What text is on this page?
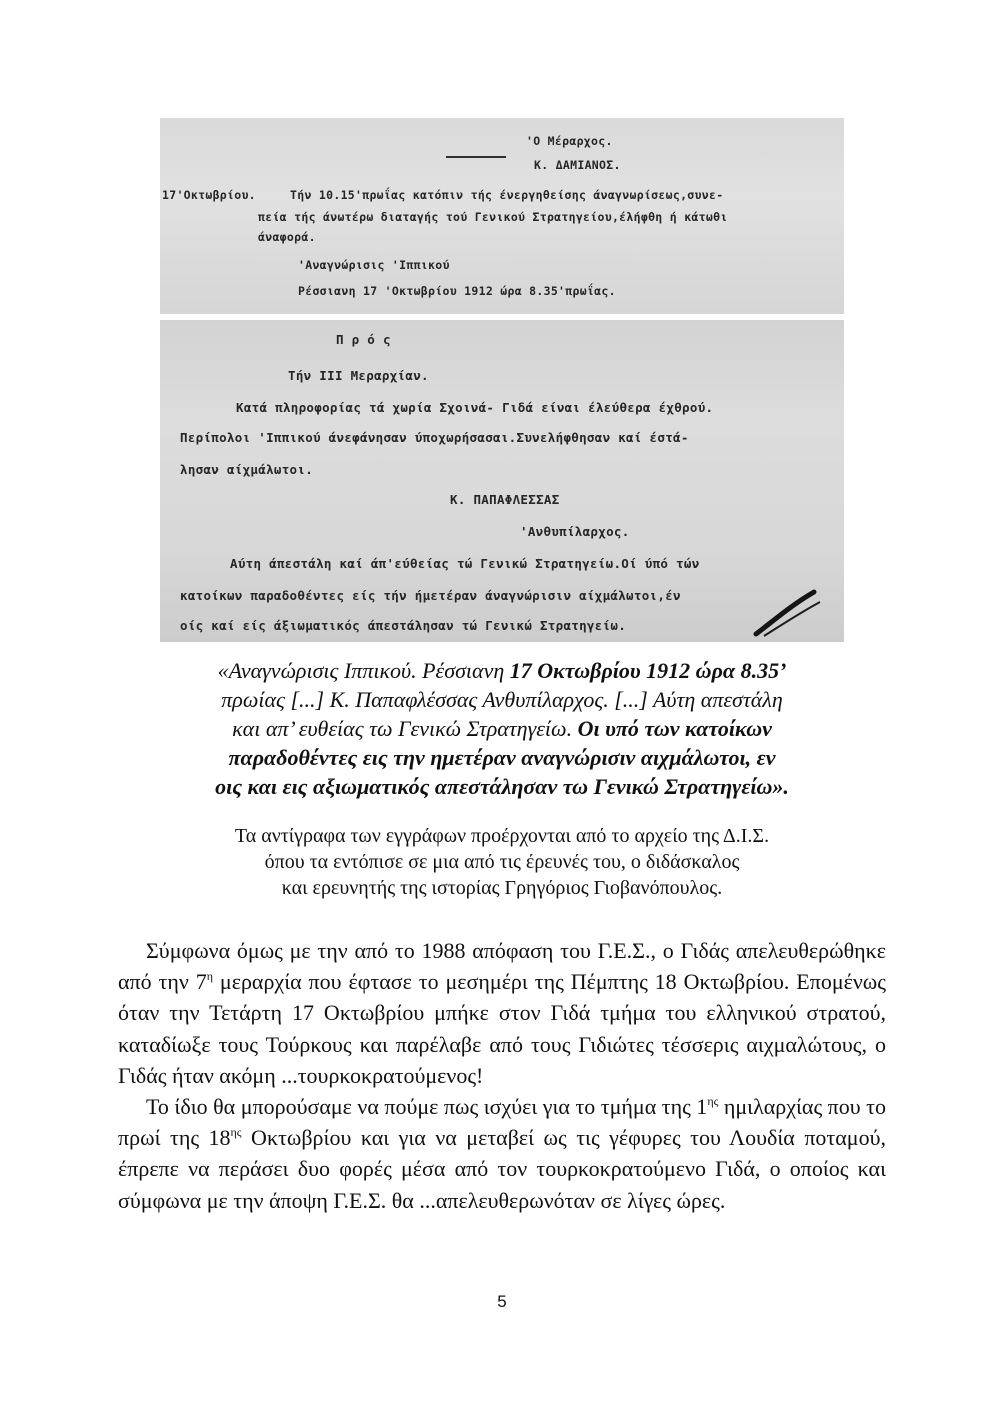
'Ο Μέραρχος.
Κ. ΔΑΜΙΑΝΟΣ.
17'Οκτωβρίου.	Τήν 10.15'πρωΐας κατόπιν τής ένεργηθείσης άναγνωρίσεως,συνε-
πεία τής άνωτέρω διαταγής τού Γενικού Στρατηγείου,έλήφθη ή κάτωθι
άναφορά.
'Αναγνώρισις 'Ιππικού
Ρέσσιανη 17 'Οκτωβρίου 1912 ώρα 8.35'πρωΐας.
Π ρ ό ς
Τήν III Μεραρχίαν.
Κατά πληροφορίας τά χωρία Σχοινά- Γιδά είναι έλεύθερα έχθρού.
Περίπολοι 'Ιππικού άνεφάνησαν ύποχωρήσασαι.Συνελήφθησαν καί έστά-
λησαν αίχμάλωτοι.
Κ. ΠΑΠΑΦΛΕΣΣΑΣ
'Ανθυπίλαρχος.
Αύτη άπεστάλη καί άπ'εύθείας τώ Γενικώ Στρατηγείω.Οί ύπό τών
κατοίκων παραδοθέντες είς τήν ήμετέραν άναγνώρισιν αίχμάλωτοι,έν
οίς καί είς άξιωματικός άπεστάλησαν τώ Γενικώ Στρατηγείω.
«Αναγνώρισις Ιππικού. Ρέσσιανη 17 Οκτωβρίου 1912 ώρα 8.35’
πρωίας [...] Κ. Παπαφλέσσας Ανθυπίλαρχος. [...] Αύτη απεστάλη
και απ’ ευθείας τω Γενικώ Στρατηγείω. Οι υπό των κατοίκων
παραδοθέντες εις την ημετέραν αναγνώρισιν αιχμάλωτοι, εν
οις και εις αξιωματικός απεστάλησαν τω Γενικώ Στρατηγείω».
Τα αντίγραφα των εγγράφων προέρχονται από το αρχείο της Δ.Ι.Σ.
όπου τα εντόπισε σε μια από τις έρευνές του, ο διδάσκαλος
και ερευνητής της ιστορίας Γρηγόριος Γιοβανόπουλος.

Σύμφωνα όμως με την από το 1988 απόφαση του Γ.Ε.Σ., ο Γιδάς απελευθερώθηκε από την $7^\eta$ μεραρχία που έφτασε το μεσημέρι της Πέμπτης 18 Οκτωβρίου. Επομένως όταν την Τετάρτη 17 Οκτωβρίου μπήκε στον Γιδά τμήμα του ελληνικού στρατού, καταδίωξε τους Τούρκους και παρέλαβε από τους Γιδιώτες τέσσερις αιχμαλώτους, ο Γιδάς ήταν ακόμη ...τουρκοκρατούμενος!

Το ίδιο θα μπορούσαμε να πούμε πως ισχύει για το τμήμα της $1^{\eta\varsigma}$ ημιλαρχίας που το πρωί της $18^{\eta\varsigma}$ Οκτωβρίου και για να μεταβεί ως τις γέφυρες του Λουδία ποταμού, έπρεπε να περάσει δυο φορές μέσα από τον τουρκοκρατούμενο Γιδά, ο οποίος και σύμφωνα με την άποψη Γ.Ε.Σ. θα ...απελευθερωνόταν σε λίγες ώρες.

5
